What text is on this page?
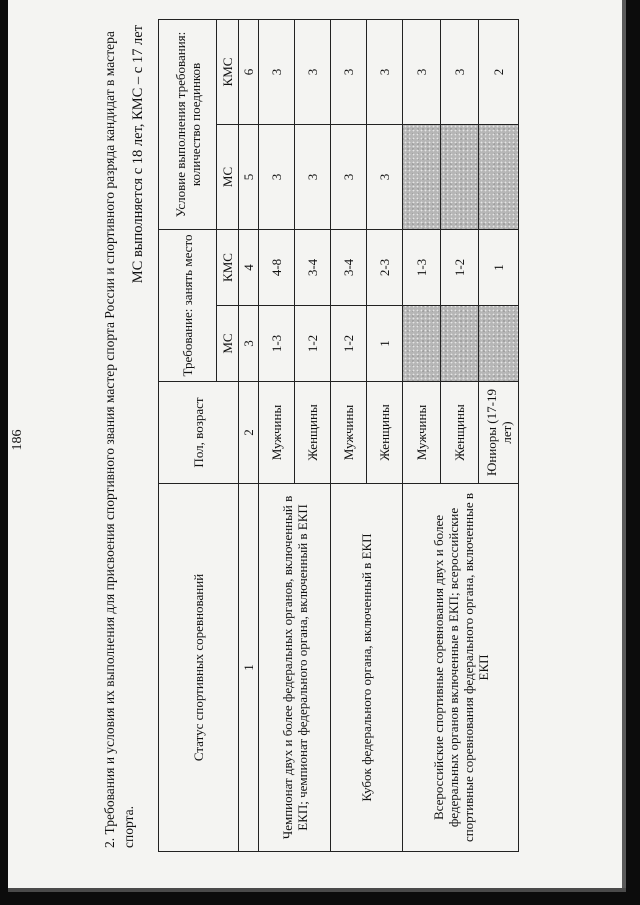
186	2. Требования и условия их выполнения для присвоения спортивного звания мастер спорта России и спортивного разряда кандидат в мастера спорта.
МС выполняется с 18 лет, КМС – с 17 лет
Статус спортивных соревнований	Пол, возраст	Требование: занять место		Условие выполнения требования: количество поединков	
		МС	КМС	МС	КМС
1	2	3	4	5	6
Чемпионат двух и более федеральных органов, включенный в ЕКП; чемпионат федерального органа, включенный в ЕКП	Мужчины	1-3	4-8	3	3
	Женщины	1-2	3-4	3	3
Кубок федерального органа, включенный в ЕКП	Мужчины	1-2	3-4	3	3
	Женщины	1	2-3	3	3
Всероссийские спортивные соревнования двух и более федеральных органов включенные в ЕКП; всероссийские спортивные соревнования федерального органа, включенные в ЕКП	Мужчины		1-3		3
	Женщины		1-2		3
	Юниоры (17-19 лет)		1		2
